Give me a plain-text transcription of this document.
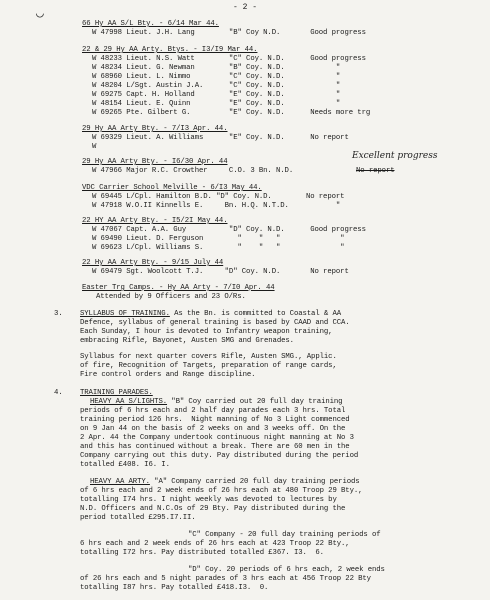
◡	- 2 -
66 Hy AA S/L Bty. - 6/14 Mar 44.
W 47998 Lieut. J.H. Lang        "B" Coy N.D.       Good progress
22 & 29 Hy AA Arty. Btys. - I3/I9 Mar 44.
W 48233 Lieut. N.S. Watt        "C" Coy. N.D.      Good progress
W 48234 Lieut. G. Newman        "B" Coy. N.D.            "
W 68960 Lieut. L. Nimmo         "C" Coy. N.D.            "
W 48204 L/Sgt. Austin J.A.      "C" Coy. N.D.            "
W 69275 Capt. H. Holland        "E" Coy. N.D.            "
W 48154 Lieut. E. Quinn         "E" Coy. N.D.            "
W 69265 Pte. Gilbert G.         "E" Coy. N.D.      Needs more trg
29 Hy AA Arty Bty. - 7/I3 Apr. 44.
W 69329 Lieut. A. Williams      "E" Coy. N.D.      No report
W
29 Hy AA Arty Bty. - I6/30 Apr. 44
W 47966 Major R.C. Crowther     C.O. 3 Bn. N.D.	No report
Excellent progress
VDC Carrier School Melville - 6/I3 May 44.
W 69445 L/Cpl. Hamilton B.D. "D" Coy. N.D.        No report
W 47918 W.O.II Kinnells E.     Bn. H.Q. N.T.D.           "
22 HY AA Arty Bty. - I5/2I May 44.
W 47067 Capt. A.A. Guy          "D" Coy. N.D.      Good progress
W 69490 Lieut. D. Ferguson        "    "   "              "
W 69623 L/Cpl. Williams S.        "    "   "              "
22 Hy AA Arty Bty. - 9/15 July 44
W 69479 Sgt. Woolcott T.J.     "D" Coy. N.D.       No report
Easter Trg Camps. - Hy AA Arty - 7/I0 Apr. 44
Attended by 9 Officers and 23 O/Rs.
3. SYLLABUS OF TRAINING. As the Bn. is committed to Coastal & AA
Defence, syllabus of general training is based by CAAD and CCA.
Each Sunday, I hour is devoted to Infantry weapon training,
embracing Rifle, Bayonet, Austen SMG and Grenades.
Syllabus for next quarter covers Rifle, Austen SMG., Applic.
of fire, Recognition of Targets, preparation of range cards,
Fire control orders and Range discipline.
4. TRAINING PARADES.
HEAVY AA S/LIGHTS. "B" Coy carried out 20 full day training
periods of 6 hrs each and 2 half day parades each 3 hrs. Total
training period 126 hrs.  Night manning of No 3 Light commenced
on 9 Jan 44 on the basis of 2 weeks on and 3 weeks off. On the
2 Apr. 44 the Company undertook continuous night manning at No 3
and this has continued without a break. There are 60 men in the
Company carrying out this duty. Pay distributed during the period
totalled £408. I6. I.
HEAVY AA ARTY. "A" Company carried 20 full day training periods
of 6 hrs each and 2 week ends of 26 hrs each at 480 Troop 29 Bty.,
totalling I74 hrs. I night weekly was devoted to lectures by
N.D. Officers and N.C.Os of 29 Bty. Pay distributed during the
period totalled £295.I7.II.
"C" Company - 20 full day training periods of
6 hrs each and 2 week ends of 26 hrs each at 423 Troop 22 Bty.,
totalling I72 hrs. Pay distributed totalled £367. I3.  6.
"D" Coy. 20 periods of 6 hrs each, 2 week ends
of 26 hrs each and 5 night parades of 3 hrs each at 456 Troop 22 Bty
totalling I87 hrs. Pay totalled £418.I3.  0.
